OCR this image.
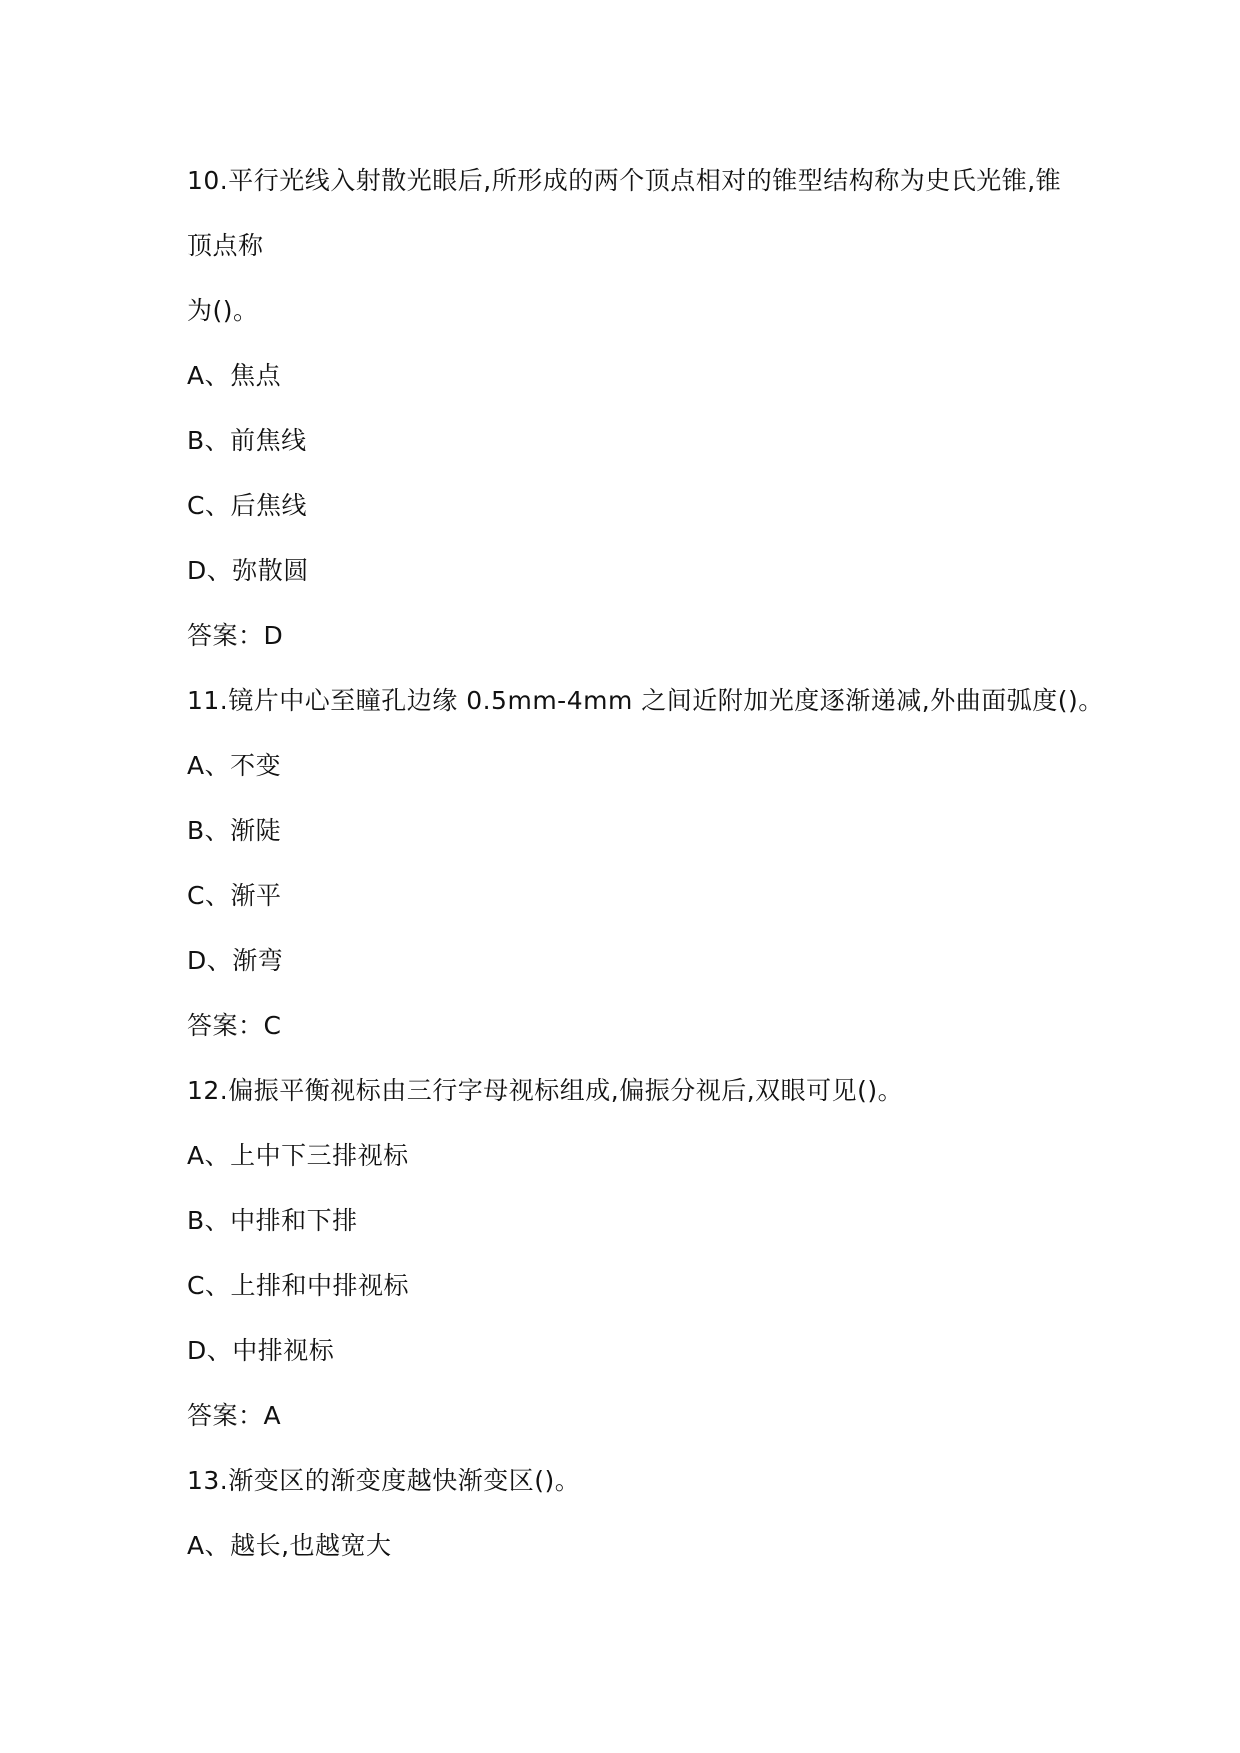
10.平行光线入射散光眼后,所形成的两个顶点相对的锥型结构称为史氏光锥,锥
顶点称
为()。
A、焦点
B、前焦线
C、后焦线
D、弥散圆
答案：D
11.镜片中心至瞳孔边缘 0.5mm-4mm 之间近附加光度逐渐递减,外曲面弧度()。
A、不变
B、渐陡
C、渐平
D、渐弯
答案：C
12.偏振平衡视标由三行字母视标组成,偏振分视后,双眼可见()。
A、上中下三排视标
B、中排和下排
C、上排和中排视标
D、中排视标
答案：A
13.渐变区的渐变度越快渐变区()。
A、越长,也越宽大
